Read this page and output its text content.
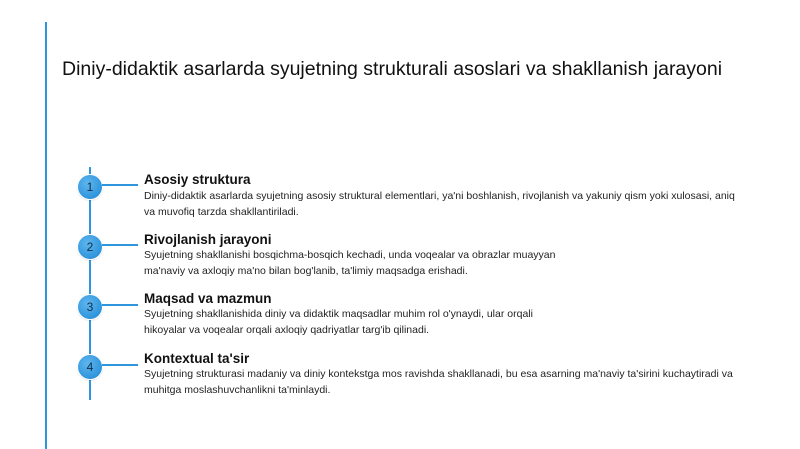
Diniy-didaktik asarlarda syujetning strukturali asoslari va shakllanish jarayoni
1	Asosiy struktura
Diniy-didaktik asarlarda syujetning asosiy struktural elementlari, ya'ni boshlanish, rivojlanish va yakuniy qism yoki xulosasi, aniq va muvofiq tarzda shakllantiriladi.
2	Rivojlanish jarayoni
Syujetning shakllanishi bosqichma-bosqich kechadi, unda voqealar va obrazlar muayyan ma'naviy va axloqiy ma'no bilan bog'lanib, ta'limiy maqsadga erishadi.
3
Maqsad va mazmun
Syujetning shakllanishida diniy va didaktik maqsadlar muhim rol o'ynaydi, ular orqali hikoyalar va voqealar orqali axloqiy qadriyatlar targ'ib qilinadi.
4
Kontextual ta'sir
Syujetning strukturasi madaniy va diniy kontekstga mos ravishda shakllanadi, bu esa asarning ma'naviy ta'sirini kuchaytiradi va muhitga moslashuvchanlikni ta'minlaydi.
